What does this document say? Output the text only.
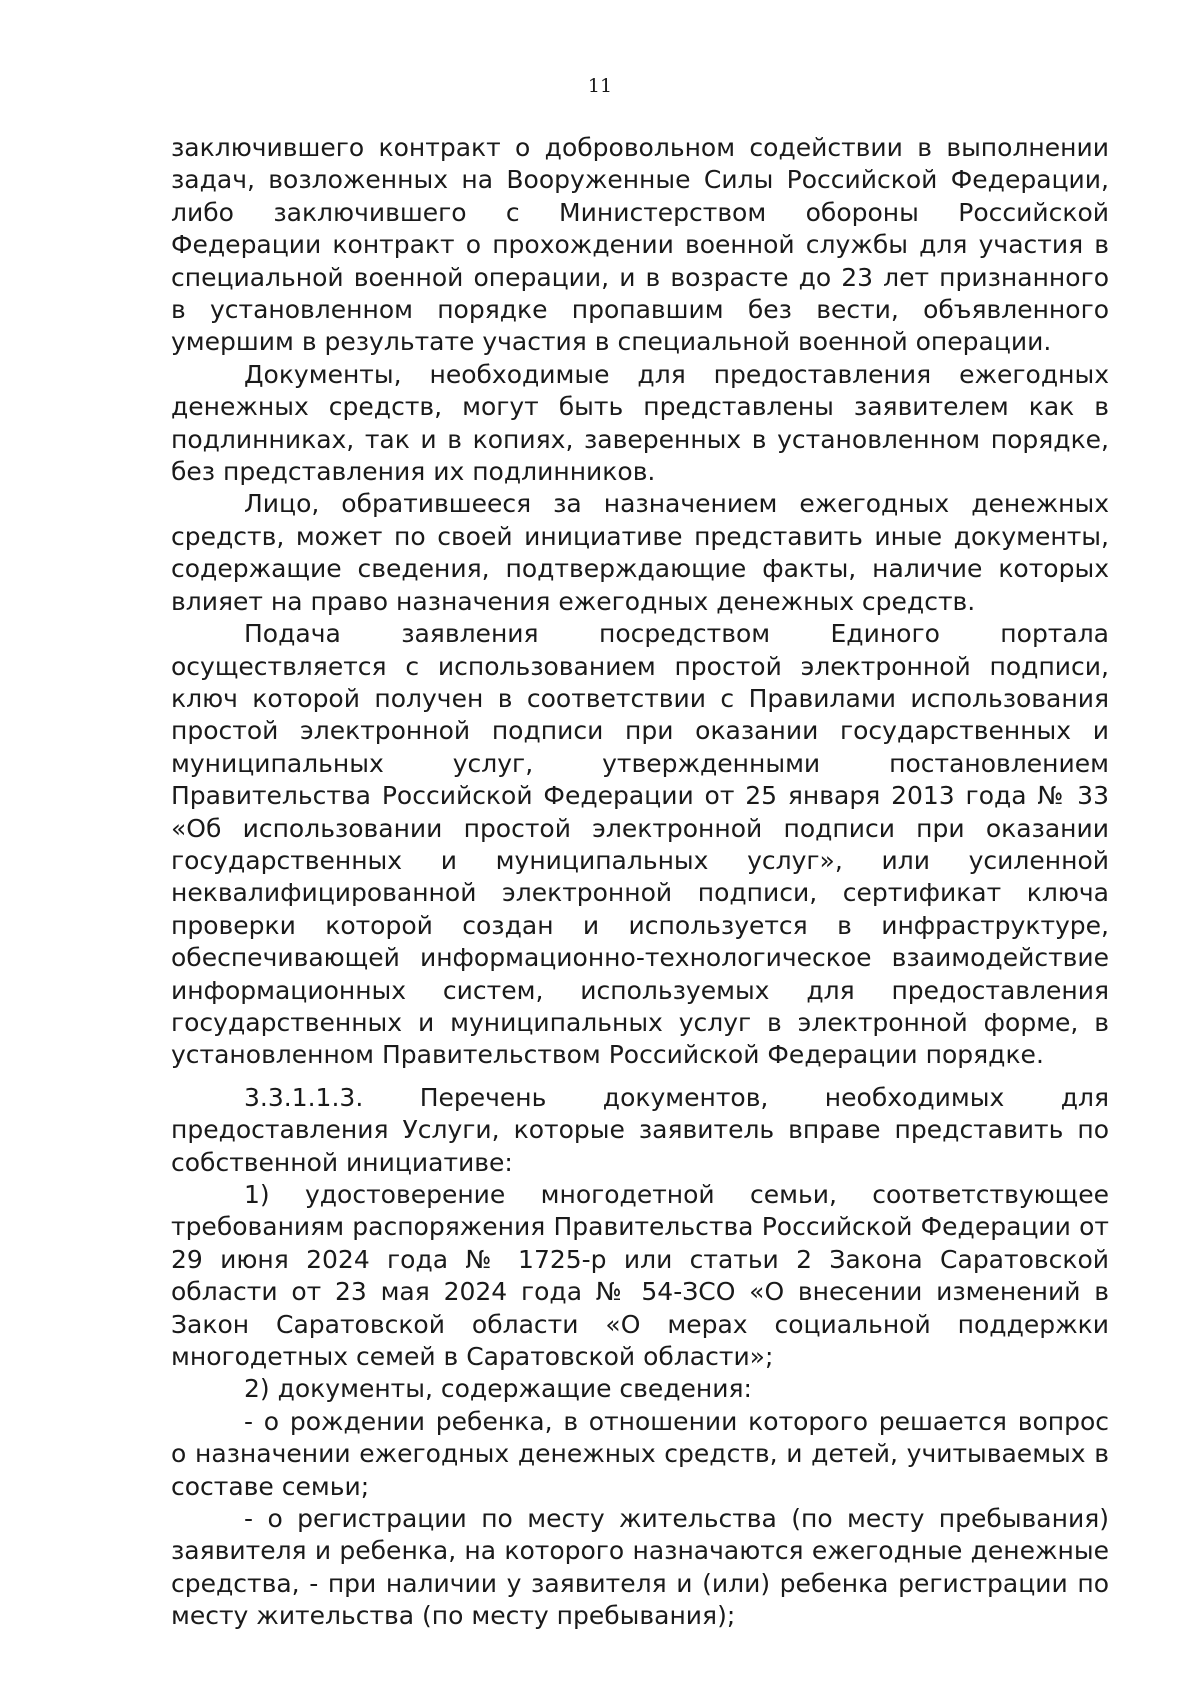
11

заключившего контракт о добровольном содействии в выполнении задач, возложенных на Вооруженные Силы Российской Федерации, либо заключившего с Министерством обороны Российской Федерации контракт о прохождении военной службы для участия в специальной военной операции, и в возрасте до 23 лет признанного в установленном порядке пропавшим без вести, объявленного умершим в результате участия в специальной военной операции.

Документы, необходимые для предоставления ежегодных денежных средств, могут быть представлены заявителем как в подлинниках, так и в копиях, заверенных в установленном порядке, без представления их подлинников.

Лицо, обратившееся за назначением ежегодных денежных средств, может по своей инициативе представить иные документы, содержащие сведения, подтверждающие факты, наличие которых влияет на право назначения ежегодных денежных средств.

Подача заявления посредством Единого портала осуществляется с использованием простой электронной подписи, ключ которой получен в соответствии с Правилами использования простой электронной подписи при оказании государственных и муниципальных услуг, утвержденными постановлением Правительства Российской Федерации от 25 января 2013 года № 33 «Об использовании простой электронной подписи при оказании государственных и муниципальных услуг», или усиленной неквалифицированной электронной подписи, сертификат ключа проверки которой создан и используется в инфраструктуре, обеспечивающей информационно-технологическое взаимодействие информационных систем, используемых для предоставления государственных и муниципальных услуг в электронной форме, в установленном Правительством Российской Федерации порядке.

3.3.1.1.3. Перечень документов, необходимых для предоставления Услуги, которые заявитель вправе представить по собственной инициативе:

1) удостоверение многодетной семьи, соответствующее требованиям распоряжения Правительства Российской Федерации от 29 июня 2024 года № 1725-р или статьи 2 Закона Саратовской области от 23 мая 2024 года № 54-ЗСО «О внесении изменений в Закон Саратовской области «О мерах социальной поддержки многодетных семей в Саратовской области»;

2) документы, содержащие сведения:

- о рождении ребенка, в отношении которого решается вопрос о назначении ежегодных денежных средств, и детей, учитываемых в составе семьи;

- о регистрации по месту жительства (по месту пребывания) заявителя и ребенка, на которого назначаются ежегодные денежные средства, - при наличии у заявителя и (или) ребенка регистрации по месту жительства (по месту пребывания);
